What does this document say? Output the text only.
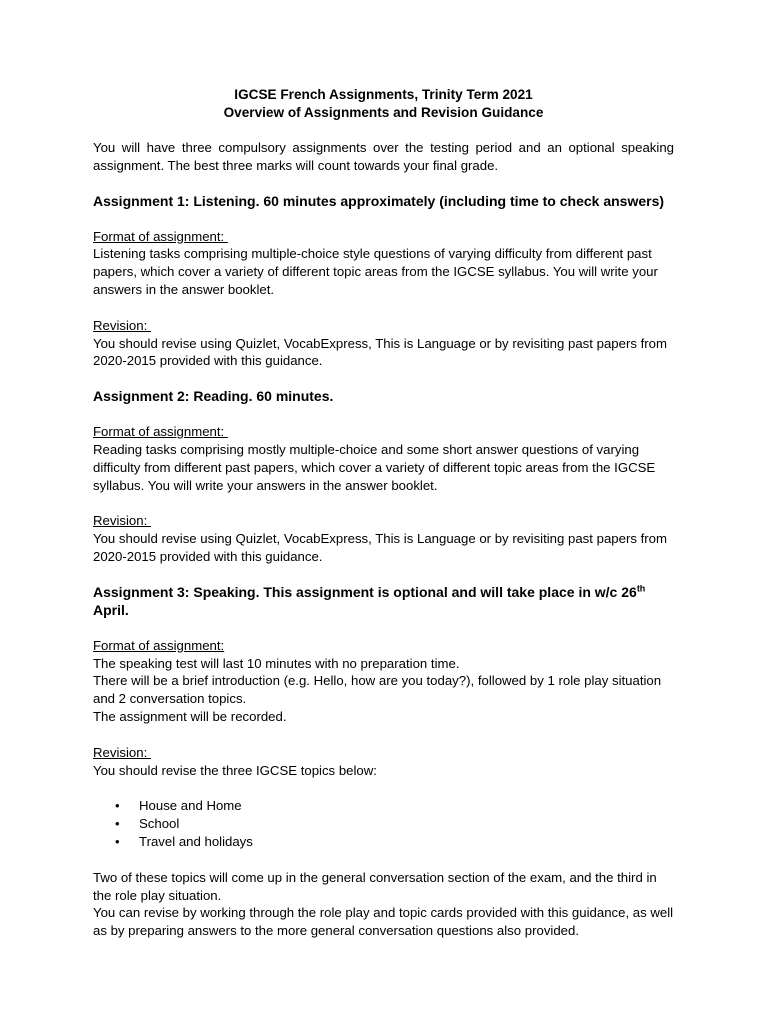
IGCSE French Assignments, Trinity Term 2021

Overview of Assignments and Revision Guidance

You will have three compulsory assignments over the testing period and an optional speaking assignment. The best three marks will count towards your final grade.

Assignment 1: Listening. 60 minutes approximately (including time to check answers)

Format of assignment:

Listening tasks comprising multiple-choice style questions of varying difficulty from different past papers, which cover a variety of different topic areas from the IGCSE syllabus. You will write your answers in the answer booklet.

Revision:

You should revise using Quizlet, VocabExpress, This is Language or by revisiting past papers from 2020-2015 provided with this guidance.

Assignment 2: Reading. 60 minutes.

Format of assignment:

Reading tasks comprising mostly multiple-choice and some short answer questions of varying difficulty from different past papers, which cover a variety of different topic areas from the IGCSE syllabus. You will write your answers in the answer booklet.

Revision:

You should revise using Quizlet, VocabExpress, This is Language or by revisiting past papers from 2020-2015 provided with this guidance.

Assignment 3: Speaking. This assignment is optional and will take place in w/c 26th April.

Format of assignment:

The speaking test will last 10 minutes with no preparation time.

There will be a brief introduction (e.g. Hello, how are you today?), followed by 1 role play situation and 2 conversation topics.

The assignment will be recorded.

Revision:

You should revise the three IGCSE topics below:

• House and Home
• School
• Travel and holidays

Two of these topics will come up in the general conversation section of the exam, and the third in the role play situation.

You can revise by working through the role play and topic cards provided with this guidance, as well as by preparing answers to the more general conversation questions also provided.
